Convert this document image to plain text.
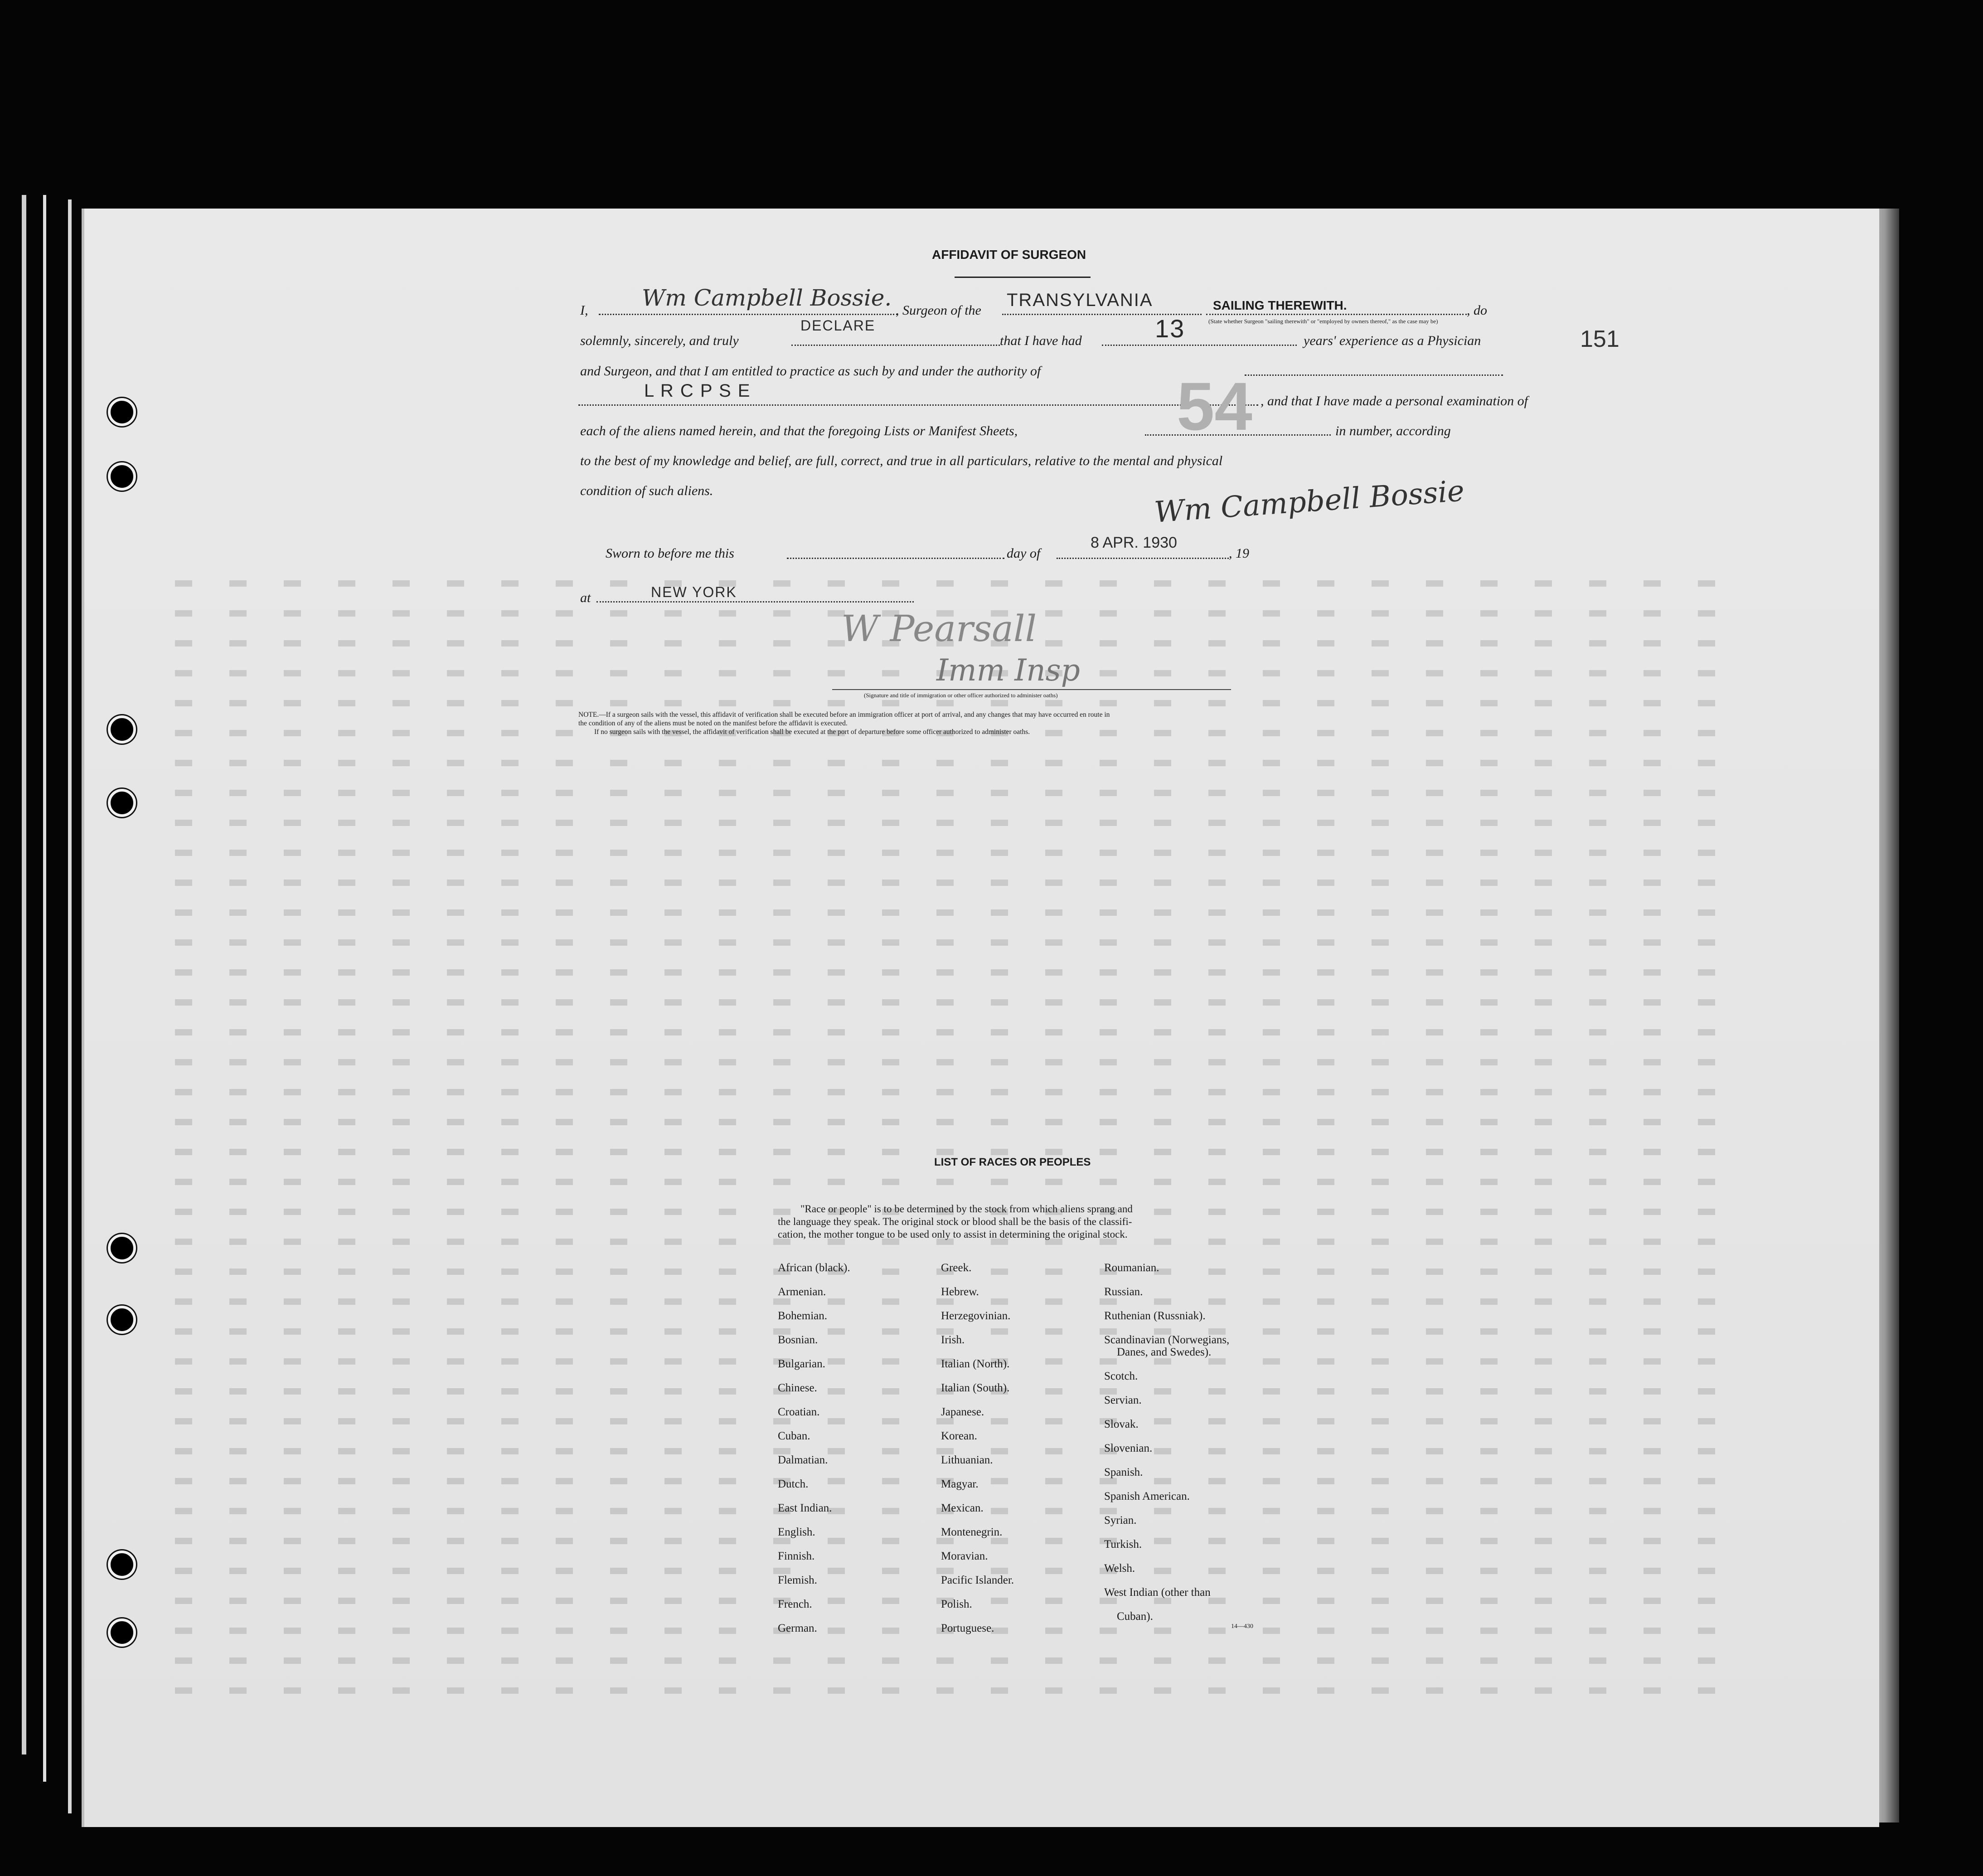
151
AFFIDAVIT OF SURGEON
I, Wm Campbell Bossie. , Surgeon of the
TRANSYLVANIA	SAILING THEREWITH.	, do
(State whether Surgeon "sailing therewith" or "employed by owners thereof," as the case may be)
solemnly, sincerely, and truly
DECLARE
that I have had	13	years' experience as a Physician
and Surgeon, and that I am entitled to practice as such by and under the authority of
L R C P S E
, and that I have made a personal examination of
each of the aliens named herein, and that the foregoing Lists or Manifest Sheets, 54	in number, according
to the best of my knowledge and belief, are full, correct, and true in all particulars, relative to the mental and physical
condition of such aliens.	Wm Campbell Bossie
Sworn to before me this	day of
8 APR. 1930
, 19
at	NEW YORK
W Pearsall
Imm Insp
(Signature and title of immigration or other officer authorized to administer oaths)
NOTE.—If a surgeon sails with the vessel, this affidavit of verification shall be executed before an immigration officer at port of arrival, and any changes that may have occurred en route in
the condition of any of the aliens must be noted on the manifest before the affidavit is executed.
If no surgeon sails with the vessel, the affidavit of verification shall be executed at the port of departure before some officer authorized to administer oaths.
LIST OF RACES OR PEOPLES
"Race or people" is to be determined by the stock from which aliens sprang and
the language they speak. The original stock or blood shall be the basis of the classifi-
cation, the mother tongue to be used only to assist in determining the original stock.
14—430
African (black).
Armenian.
Bohemian.
Bosnian.
Bulgarian.
Chinese.
Croatian.
Cuban.
Dalmatian.
Dutch.
East Indian.
English.
Finnish.
Flemish.
French.
German.
Greek.
Hebrew.
Herzegovinian.
Irish.
Italian (North).
Italian (South).
Japanese.
Korean.
Lithuanian.
Magyar.
Mexican.
Montenegrin.
Moravian.
Pacific Islander.
Polish.
Portuguese.
Roumanian.
Russian.
Ruthenian (Russniak).
Scandinavian (Norwegians,
Danes, and Swedes).
Scotch.
Servian.
Slovak.
Slovenian.
Spanish.
Spanish American.
Syrian.
Turkish.
Welsh.
West Indian (other than
Cuban).
